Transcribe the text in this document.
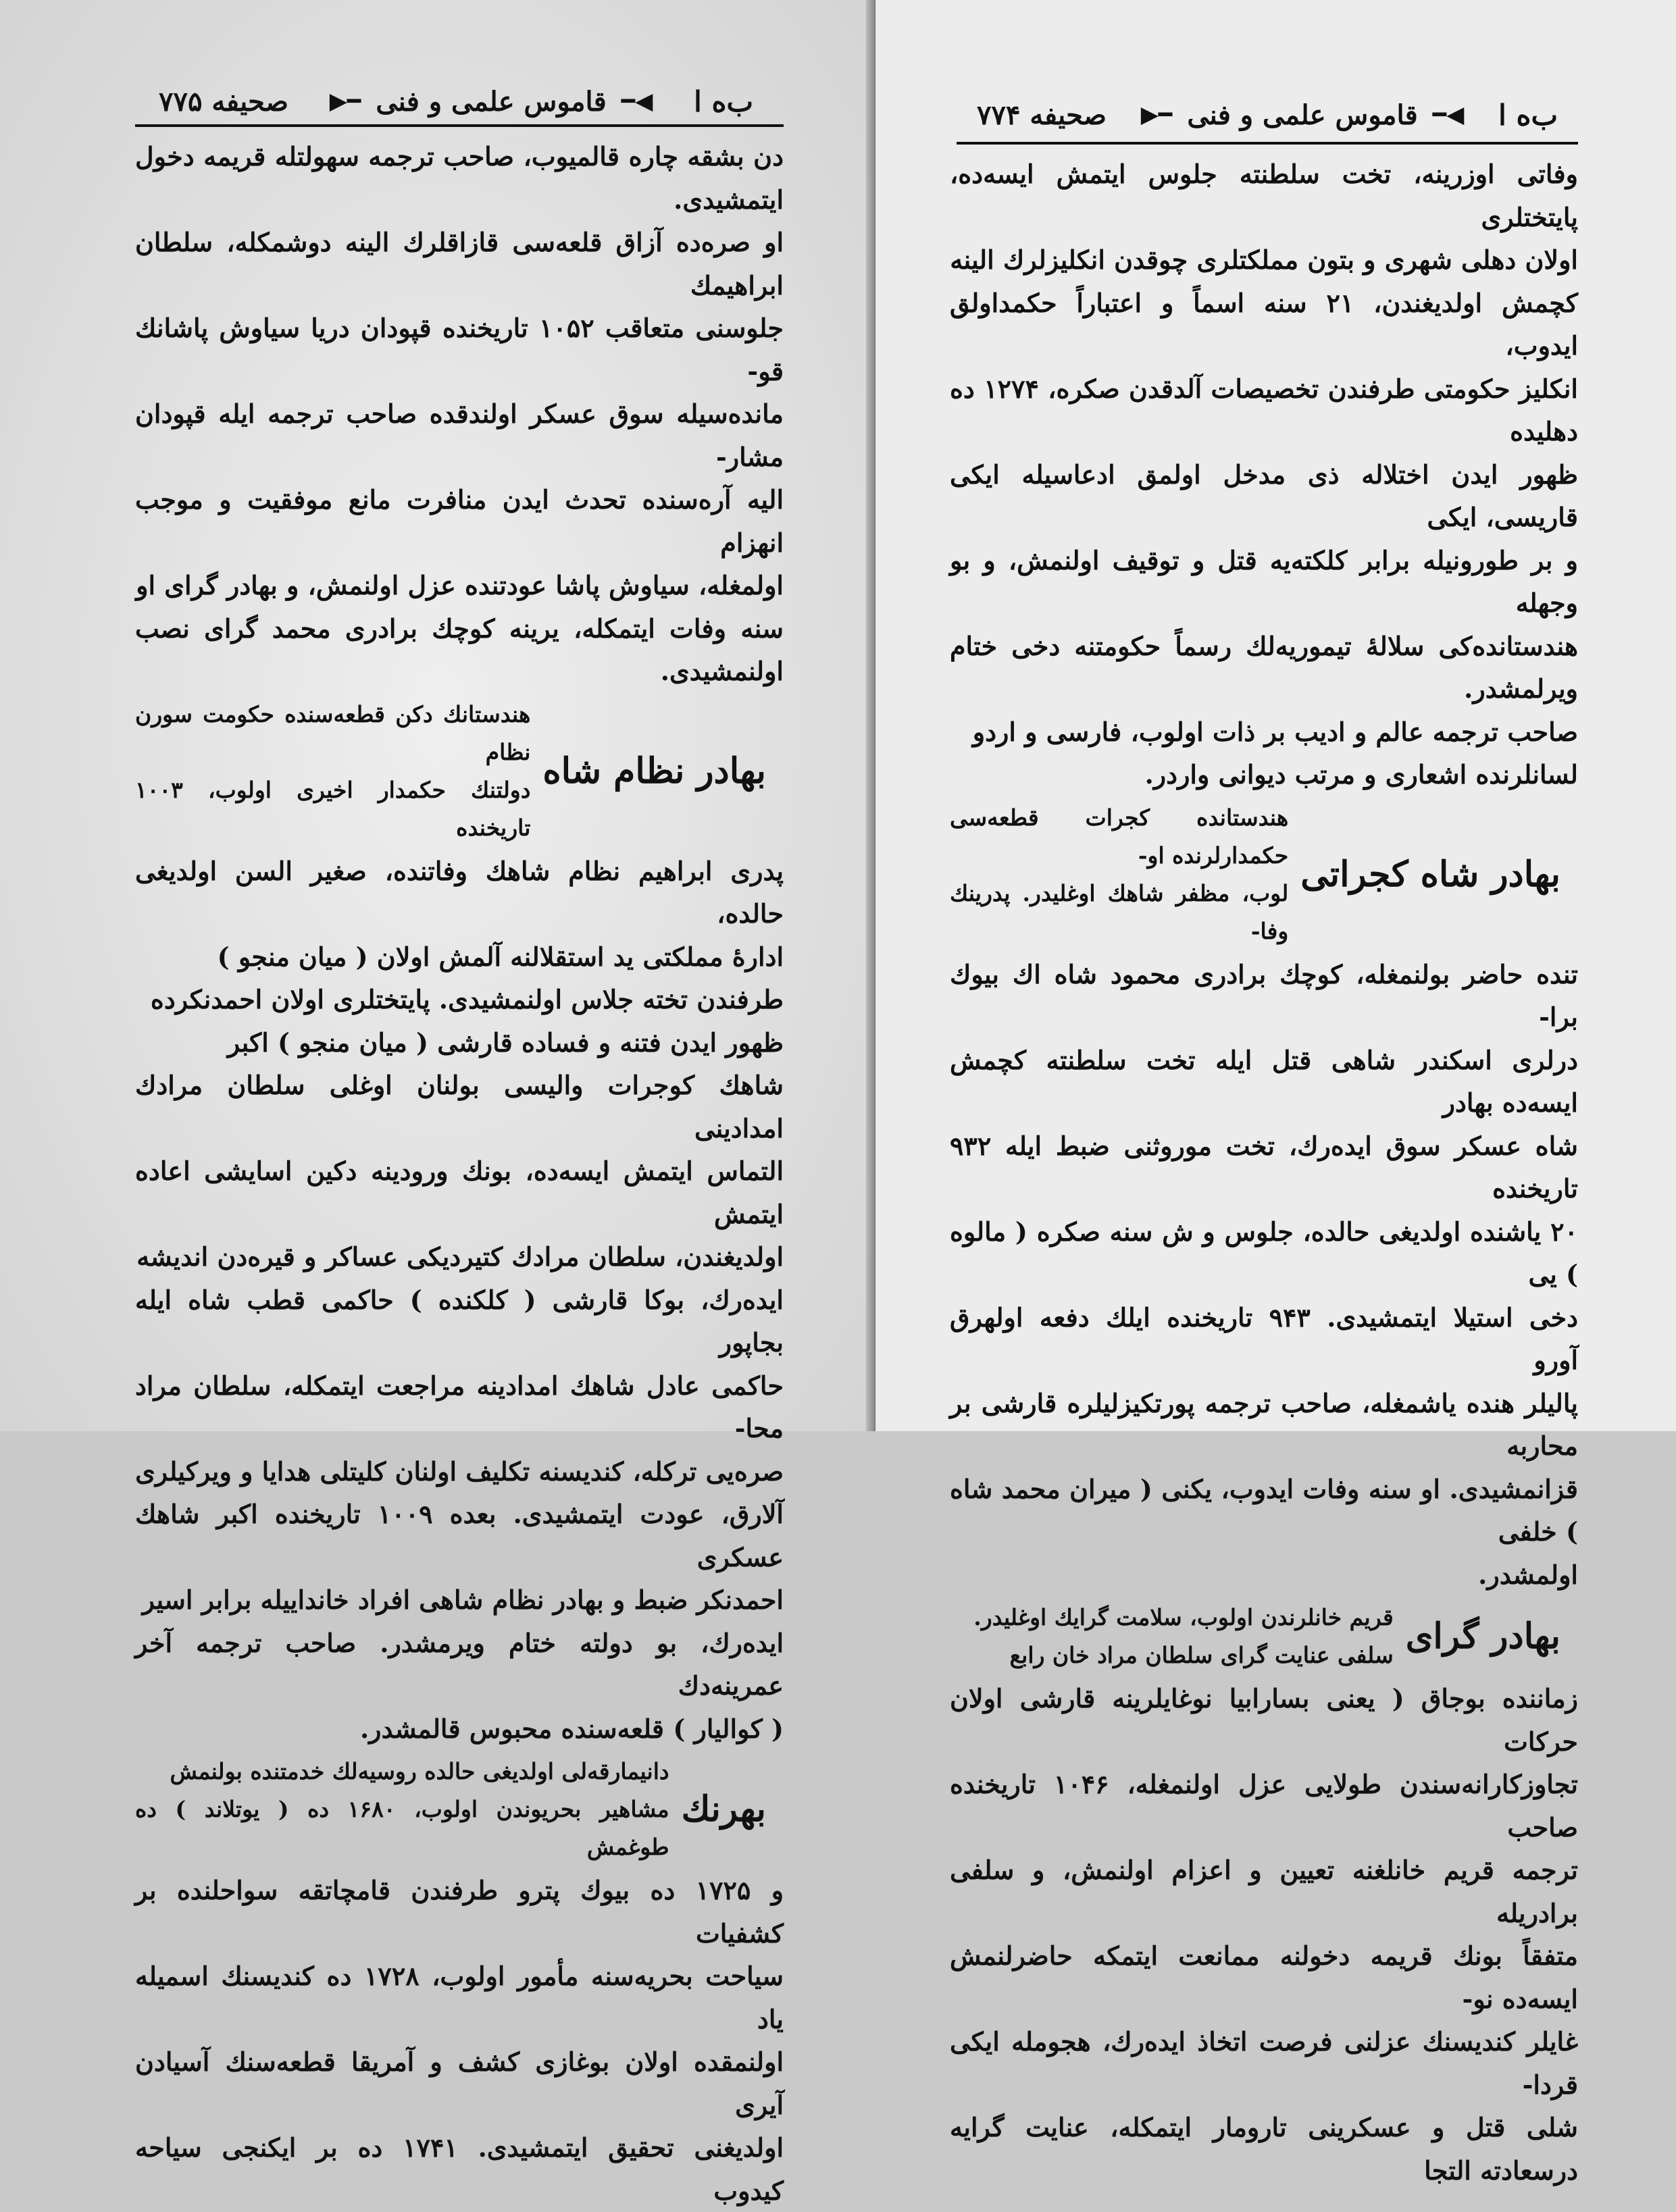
ب‌ه ا
◀━
قاموس علمی و فنی
━▶
صحیفه ۷۷۵

دن بشقه چاره قالمیوب، صاحب ترجمه سهولتله قریمه دخول ایتمشیدی.

او صره‌ده آزاق قلعه‌سی قازاقلرك الینه دوشمکله، سلطان ابراهیمك

جلوسنی متعاقب ۱۰۵۲ تاریخنده قپودان دریا سیاوش پاشانك قو-

مانده‌سیله سوق عسکر اولندقده صاحب ترجمه ایله قپودان مشار-

الیه آره‌سنده تحدث ایدن منافرت مانع موفقیت و موجب انهزام

اولمغله، سیاوش پاشا عودتنده عزل اولنمش، و بهادر گرای او

سنه وفات ایتمکله، یرینه کوچك برادری محمد گرای نصب اولنمشیدی.

بهادر نظام شاه

هندستانك دکن قطعه‌سنده حکومت سورن نظام

دولتنك حکمدار اخیری اولوب، ۱۰۰۳ تاریخنده

پدری ابراهیم نظام شاهك وفاتنده، صغیر السن اولدیغی حالده،

اداره‌ٔ مملکتی ید استقلالنه آلمش اولان ( میان منجو )

طرفندن تخته جلاس اولنمشیدی. پایتختلری اولان احمدنکرده

ظهور ایدن فتنه و فساده قارشی ( میان منجو ) اکبر

شاهك کوجرات والیسی بولنان اوغلی سلطان مرادك امدادینی

التماس ایتمش ایسه‌ده، بونك ورودینه دکین اسایشی اعاده ایتمش

اولدیغندن، سلطان مرادك کتیردیکی عساکر و قیره‌دن اندیشه

ایده‌رك، بوکا قارشی ( کلکنده ) حاکمی قطب شاه ایله بجاپور

حاکمی عادل شاهك امدادینه مراجعت ایتمکله، سلطان مراد محا-

صره‌یی ترکله، کندیسنه تکلیف اولنان کلیتلی هدایا و ویرکیلری

آلارق، عودت ایتمشیدی. بعده ۱۰۰۹ تاریخنده اکبر شاهك عسکری

احمدنکر ضبط و بهادر نظام شاهی افراد خانداییله برابر اسیر

ایده‌رك، بو دولته ختام ویرمشدر. صاحب ترجمه آخر عمرینه‌دك

( کوالیار ) قلعه‌سنده محبوس قالمشدر.

بهرنك

دانیمارقه‌لی اولدیغی حالده روسیه‌لك خدمتنده بولنمش

مشاهیر بحریوندن اولوب، ۱۶۸۰ ده ( یوتلاند ) ده طوغمش

و ۱۷۲۵ ده بیوك پترو طرفندن قامچاتقه سواحلنده بر کشفیات

سیاحت بحریه‌سنه مأمور اولوب، ۱۷۲۸ ده کندیسنك اسمیله یاد

اولنمقده اولان بوغازی کشف و آمریقا قطعه‌سنك آسیادن آیری

اولدیغنی تحقیق ایتمشیدی. ۱۷۴۱ ده بر ایکنجی سیاحه کیدوب

ب‌ه ا
◀━
قاموس علمی و فنی
━▶
صحیفه ۷۷۴

وفاتی اوزرینه، تخت سلطنته جلوس ایتمش ایسه‌ده، پایتختلری

اولان دهلی شهری و بتون مملکتلری چوقدن انکلیزلرك الینه

کچمش اولدیغندن، ۲۱ سنه اسماً و اعتباراً حکمداولق ایدوب،

انکلیز حکومتی طرفندن تخصیصات آلدقدن صکره، ۱۲۷۴ ده دهلیده

ظهور ایدن اختلاله ذی مدخل اولمق ادعاسیله ایکی قاریسی، ایکی

و بر طورونیله برابر کلکته‌یه قتل و توقیف اولنمش، و بو وجهله

هندستانده‌کی سلاله‌ٔ تیموریه‌لك رسماً حکومتنه دخی ختام ویرلمشدر.

صاحب ترجمه عالم و ادیب بر ذات اولوب، فارسی و اردو

لسانلرنده اشعاری و مرتب دیوانی واردر.

بهادر شاه کجراتی

هندستانده کجرات قطعه‌سی حکمدارلرنده او-

لوب، مظفر شاهك اوغلیدر. پدرینك وفا-

تنده حاضر بولنمغله، کوچك برادری محمود شاه اك بیوك برا-

درلری اسکندر شاهی قتل ایله تخت سلطنته کچمش ایسه‌ده بهادر

شاه عسکر سوق ایده‌رك، تخت موروثنی ضبط ایله ۹۳۲ تاریخنده

۲۰ یاشنده اولدیغی حالده، جلوس و ش سنه صکره ( مالوه ) یی

دخی استیلا ایتمشیدی. ۹۴۳ تاریخنده ایلك دفعه اولهرق آورو

پالیلر هنده یاشمغله، صاحب ترجمه پورتکیزلیلره قارشی بر محاربه

قزانمشیدی. او سنه وفات ایدوب، یکنی ( میران محمد شاه ) خلفی

اولمشدر.

بهادر گرای

قریم خانلرندن اولوب، سلامت گرایك اوغلیدر.

سلفی عنایت گرای سلطان مراد خان رابع

زماننده بوجاق ( یعنی بسارابیا نوغایلرینه قارشی اولان حرکات

تجاوزکارانه‌سندن طولایی عزل اولنمغله، ۱۰۴۶ تاریخنده صاحب

ترجمه قریم خانلغنه تعیین و اعزام اولنمش، و سلفی برادریله

متفقاً بونك قریمه دخولنه ممانعت ایتمکه حاضرلنمش ایسه‌ده نو-

غایلر کندیسنك عزلنی فرصت اتخاذ ایده‌رك، هجومله ایکی قردا-

شلی قتل و عسکرینی تارومار ایتمکله، عنایت گرایه درسعادته التجا
